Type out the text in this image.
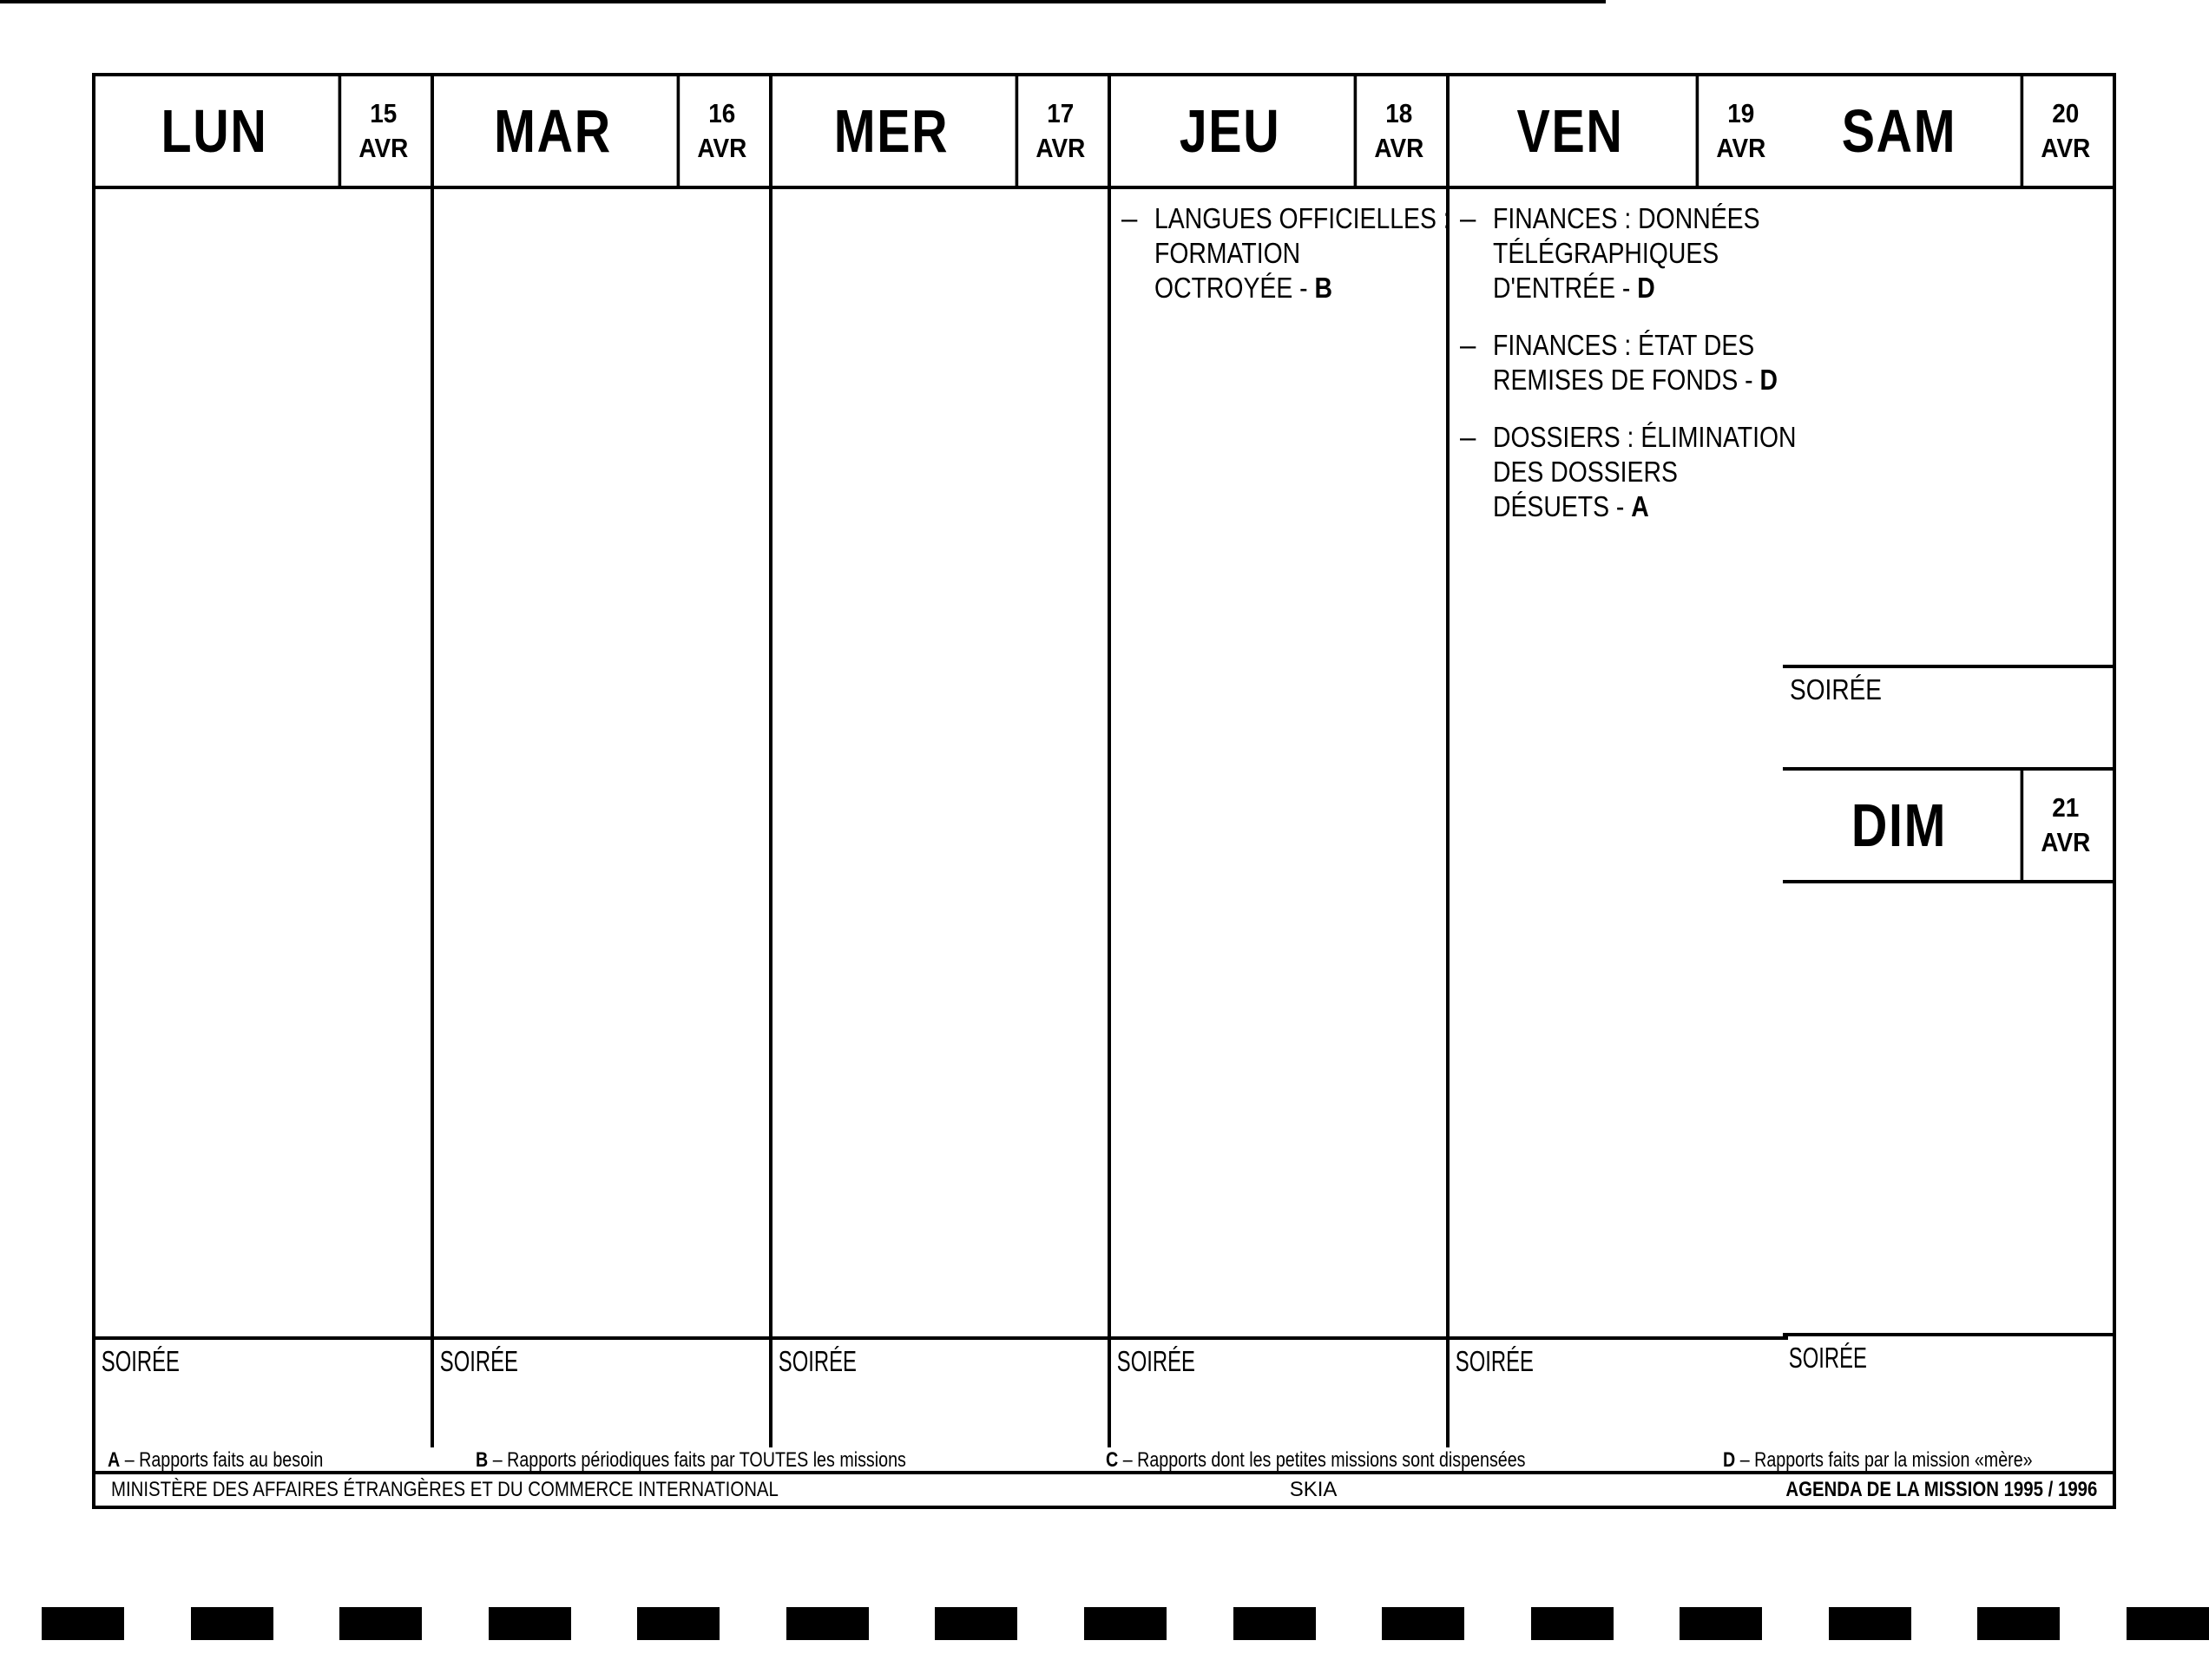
LUN	15
AVR
SOIRÉE
MAR	16
AVR
SOIRÉE
MER	17
AVR
SOIRÉE
JEU	18
AVR
– LANGUES OFFICIELLES :
FORMATION
OCTROYÉE - B
SOIRÉE
VEN	19
AVR
– FINANCES : DONNÉES
TÉLÉGRAPHIQUES
D'ENTRÉE - D
– FINANCES : ÉTAT DES
REMISES DE FONDS - D
– DOSSIERS : ÉLIMINATION
DES DOSSIERS
DÉSUETS - A
SOIRÉE
SAM	20
AVR
SOIRÉE
DIM	21
AVR
SOIRÉE
A – Rapports faits au besoin	B – Rapports périodiques faits par TOUTES les missions	C – Rapports dont les petites missions sont dispensées	D – Rapports faits par la mission «mère»
MINISTÈRE DES AFFAIRES ÉTRANGÈRES ET DU COMMERCE INTERNATIONAL	SKIA	AGENDA DE LA MISSION 1995 / 1996
